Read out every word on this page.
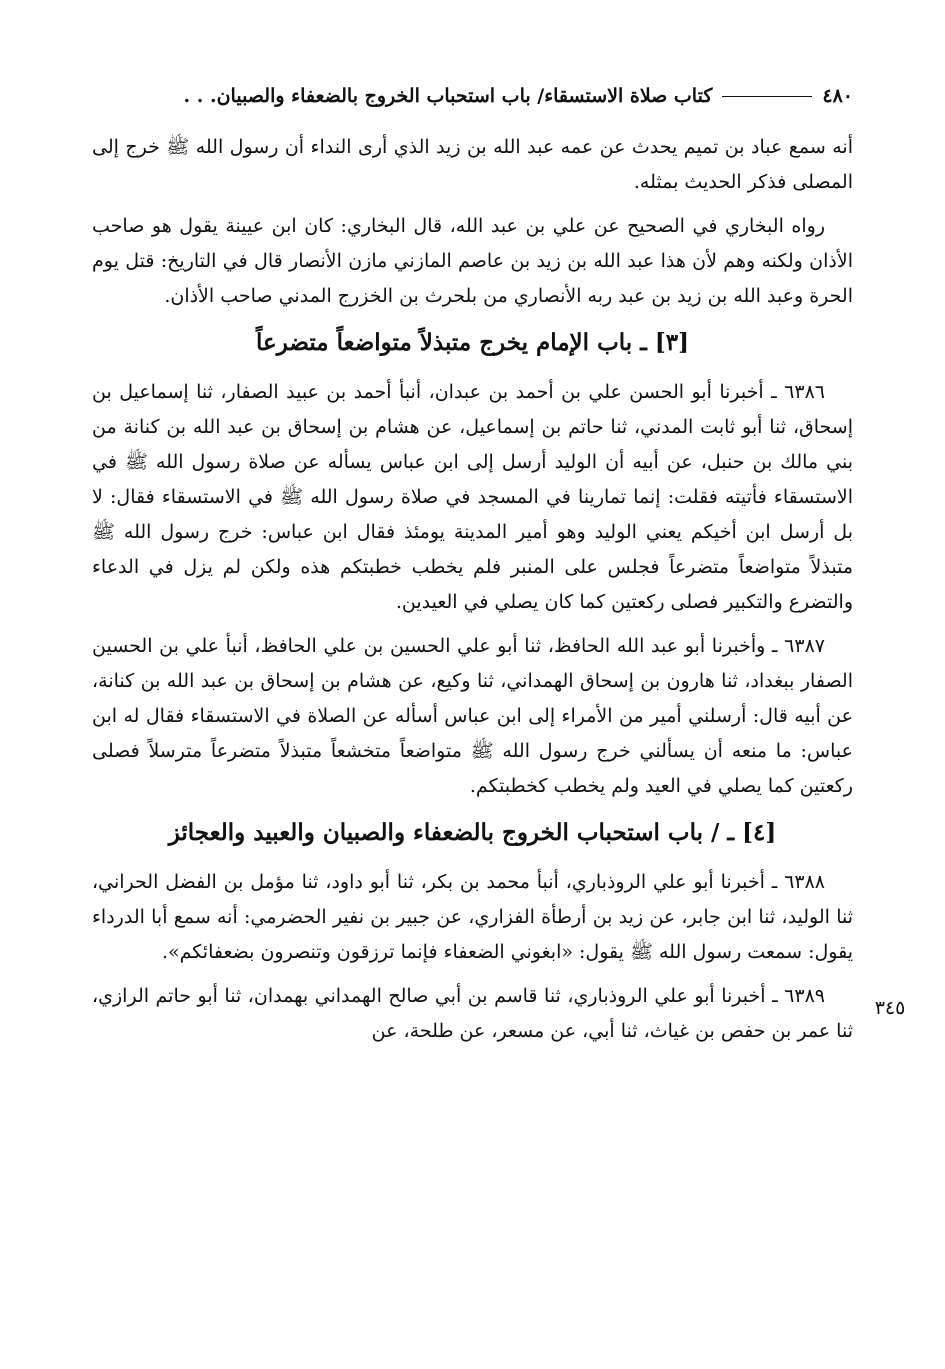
٤٨٠
كتاب صلاة الاستسقاء/ باب استحباب الخروج بالضعفاء والصبيان. . .

أنه سمع عباد بن تميم يحدث عن عمه عبد الله بن زيد الذي أرى النداء أن رسول الله ﷺ خرج إلى المصلى فذكر الحديث بمثله.

رواه البخاري في الصحيح عن علي بن عبد الله، قال البخاري: كان ابن عيينة يقول هو صاحب الأذان ولكنه وهم لأن هذا عبد الله بن زيد بن عاصم المازني مازن الأنصار قال في التاريخ: قتل يوم الحرة وعبد الله بن زيد بن عبد ربه الأنصاري من بلحرث بن الخزرج المدني صاحب الأذان.

[٣] ـ باب الإمام يخرج متبذلاً متواضعاً متضرعاً

٦٣٨٦ ـ أخبرنا أبو الحسن علي بن أحمد بن عبدان، أنبأ أحمد بن عبيد الصفار، ثنا إسماعيل بن إسحاق، ثنا أبو ثابت المدني، ثنا حاتم بن إسماعيل، عن هشام بن إسحاق بن عبد الله بن كنانة من بني مالك بن حنبل، عن أبيه أن الوليد أرسل إلى ابن عباس يسأله عن صلاة رسول الله ﷺ في الاستسقاء فأتيته فقلت: إنما تمارينا في المسجد في صلاة رسول الله ﷺ في الاستسقاء فقال: لا بل أرسل ابن أخيكم يعني الوليد وهو أمير المدينة يومئذ فقال ابن عباس: خرج رسول الله ﷺ متبذلاً متواضعاً متضرعاً فجلس على المنبر فلم يخطب خطبتكم هذه ولكن لم يزل في الدعاء والتضرع والتكبير فصلى ركعتين كما كان يصلي في العيدين.

٦٣٨٧ ـ وأخبرنا أبو عبد الله الحافظ، ثنا أبو علي الحسين بن علي الحافظ، أنبأ علي بن الحسين الصفار ببغداد، ثنا هارون بن إسحاق الهمداني، ثنا وكيع، عن هشام بن إسحاق بن عبد الله بن كنانة، عن أبيه قال: أرسلني أمير من الأمراء إلى ابن عباس أسأله عن الصلاة في الاستسقاء فقال له ابن عباس: ما منعه أن يسألني خرج رسول الله ﷺ متواضعاً متخشعاً متبذلاً متضرعاً مترسلاً فصلى ركعتين كما يصلي في العيد ولم يخطب كخطبتكم.

[٤] ـ / باب استحباب الخروج بالضعفاء والصبيان والعبيد والعجائز

٦٣٨٨ ـ أخبرنا أبو علي الروذباري، أنبأ محمد بن بكر، ثنا أبو داود، ثنا مؤمل بن الفضل الحراني، ثنا الوليد، ثنا ابن جابر، عن زيد بن أرطأة الفزاري، عن جبير بن نفير الحضرمي: أنه سمع أبا الدرداء يقول: سمعت رسول الله ﷺ يقول: «ابغوني الضعفاء فإنما ترزقون وتنصرون بضعفائكم».

٦٣٨٩ ـ أخبرنا أبو علي الروذباري، ثنا قاسم بن أبي صالح الهمداني بهمدان، ثنا أبو حاتم الرازي، ثنا عمر بن حفص بن غياث، ثنا أبي، عن مسعر، عن طلحة، عن

٣٤٥
